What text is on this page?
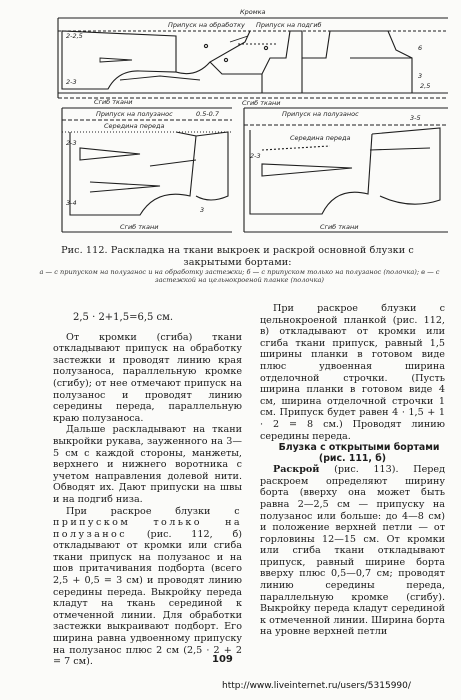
Кромка
Припуск на обработку Припуск на подгиб
Сгиб ткани
Сгиб ткани
2-2,5
6
3
2-3	2,5
Припуск на полузанос
Середина переда
Сгиб ткани
0.5-0.7
2-3
3-4
3
Припуск на полузанос
Середина переда
Сгиб ткани
3-5
2-3
Рис. 112. Раскладка на ткани выкроек и раскрой основной блузки с закрытыми бортами:
а — с припуском на полузанос и на обработку застежки; б — с припуском только на полузанос (полочка); в — с застежкой на цельнокроеной планке (полочка)

2,5 · 2+1,5=6,5 см.

От кромки (сгиба) ткани откладывают припуск на обработку застежки и проводят линию края полузаноса, параллельную кромке (сгибу); от нее отмечают припуск на полузанос и проводят линию середины переда, параллельную краю полузаноса.

Дальше раскладывают на ткани выкройки рукава, зауженного на 3—5 см с каждой стороны, манжеты, верхнего и нижнего воротника с учетом направления долевой нити. Обводят их. Дают припуски на швы и на подгиб низа.

При раскрое блузки с припуском только на полузанос (рис. 112, б) откладывают от кромки или сгиба ткани припуск на полузанос и на шов притачивания подборта (всего 2,5 + 0,5 = 3 см) и проводят линию середины переда. Выкройку переда кладут на ткань серединой к отмеченной линии. Для обработки застежки выкраивают подборт. Его ширина равна удвоенному припуску на полузанос плюс 2 см (2,5 · 2 + 2 = 7 см).

При раскрое блузки с цельнокроеной планкой (рис. 112, в) откладывают от кромки или сгиба ткани припуск, равный 1,5 ширины планки в готовом виде плюс удвоенная ширина отделочной строчки. (Пусть ширина планки в готовом виде 4 см, ширина отделочной строчки 1 см. Припуск будет равен 4 · 1,5 + 1 · 2 = 8 см.) Проводят линию середины переда.

Блузка с открытыми бортами (рис. 111, б)

Раскрой (рис. 113). Перед раскроем определяют ширину борта (вверху она может быть равна 2—2,5 см — припуску на полузанос или больше: до 4—8 см) и положение верхней петли — от горловины 12—15 см. От кромки или сгиба ткани откладывают припуск, равный ширине борта вверху плюс 0,5—0,7 см; проводят линию середины переда, параллельную кромке (сгибу). Выкройку переда кладут серединой к отмеченной линии. Ширина борта на уровне верхней петли

109
http://www.liveinternet.ru/users/5315990/
